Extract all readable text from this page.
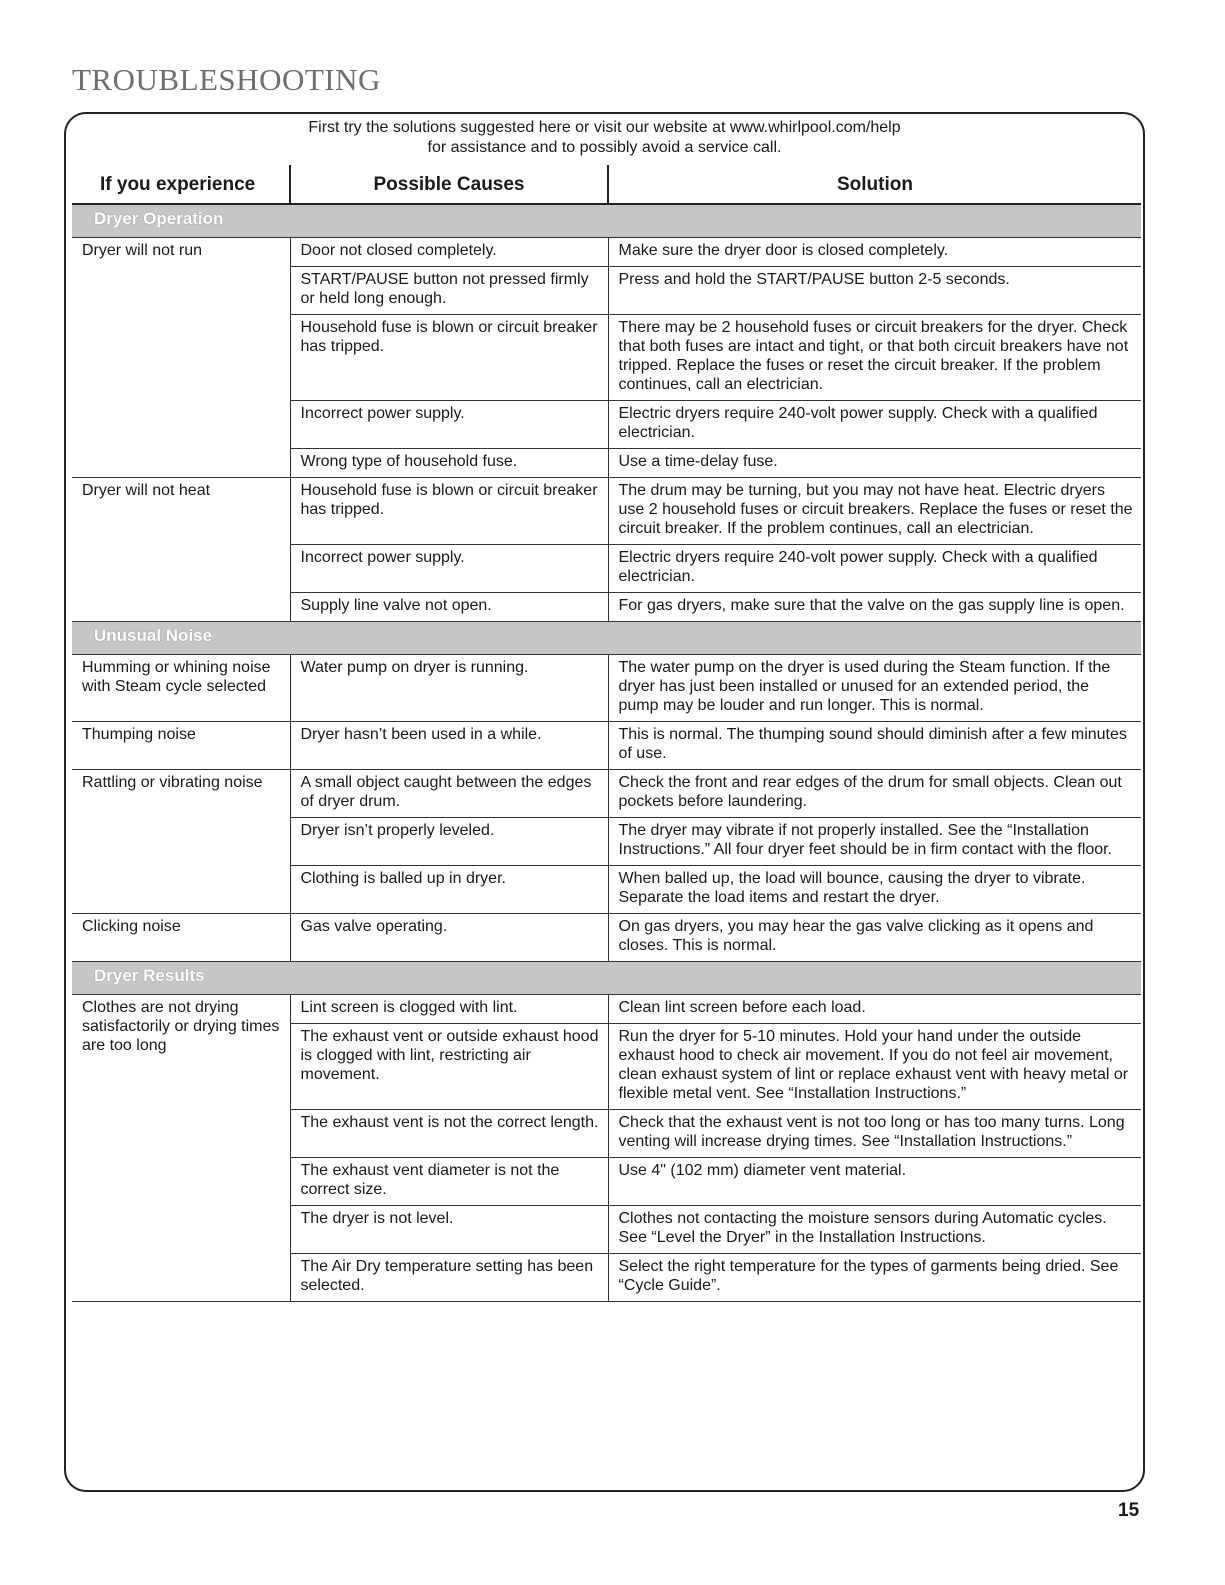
TROUBLESHOOTING
First try the solutions suggested here or visit our website at www.whirlpool.com/help
for assistance and to possibly avoid a service call.
If you experience	Possible Causes	Solution
Dryer Operation		
Dryer will not run	Door not closed completely.	Make sure the dryer door is closed completely.
	START/PAUSE button not pressed firmly or held long enough.	Press and hold the START/PAUSE button 2-5 seconds.
	Household fuse is blown or circuit breaker has tripped.	There may be 2 household fuses or circuit breakers for the dryer. Check that both fuses are intact and tight, or that both circuit breakers have not tripped. Replace the fuses or reset the circuit breaker. If the problem continues, call an electrician.
	Incorrect power supply.	Electric dryers require 240-volt power supply. Check with a qualified electrician.
	Wrong type of household fuse.	Use a time-delay fuse.
Dryer will not heat	Household fuse is blown or circuit breaker has tripped.	The drum may be turning, but you may not have heat. Electric dryers use 2 household fuses or circuit breakers. Replace the fuses or reset the circuit breaker. If the problem continues, call an electrician.
	Incorrect power supply.	Electric dryers require 240-volt power supply. Check with a qualified electrician.
	Supply line valve not open.	For gas dryers, make sure that the valve on the gas supply line is open.
Unusual Noise		
Humming or whining noise with Steam cycle selected	Water pump on dryer is running.	The water pump on the dryer is used during the Steam function. If the dryer has just been installed or unused for an extended period, the pump may be louder and run longer. This is normal.
Thumping noise	Dryer hasn’t been used in a while.	This is normal. The thumping sound should diminish after a few minutes of use.
Rattling or vibrating noise	A small object caught between the edges of dryer drum.	Check the front and rear edges of the drum for small objects. Clean out pockets before laundering.
	Dryer isn’t properly leveled.	The dryer may vibrate if not properly installed. See the “Installation Instructions.” All four dryer feet should be in firm contact with the floor.
	Clothing is balled up in dryer.	When balled up, the load will bounce, causing the dryer to vibrate. Separate the load items and restart the dryer.
Clicking noise	Gas valve operating.	On gas dryers, you may hear the gas valve clicking as it opens and closes. This is normal.
Dryer Results		
Clothes are not drying satisfactorily or drying times are too long	Lint screen is clogged with lint.	Clean lint screen before each load.
	The exhaust vent or outside exhaust hood is clogged with lint, restricting air movement.	Run the dryer for 5-10 minutes. Hold your hand under the outside exhaust hood to check air movement. If you do not feel air movement, clean exhaust system of lint or replace exhaust vent with heavy metal or flexible metal vent. See “Installation Instructions.”
	The exhaust vent is not the correct length.	Check that the exhaust vent is not too long or has too many turns. Long venting will increase drying times. See “Installation Instructions.”
	The exhaust vent diameter is not the correct size.	Use 4" (102 mm) diameter vent material.
	The dryer is not level.	Clothes not contacting the moisture sensors during Automatic cycles. See “Level the Dryer” in the Installation Instructions.
	The Air Dry temperature setting has been selected.	Select the right temperature for the types of garments being dried. See “Cycle Guide”.
15
